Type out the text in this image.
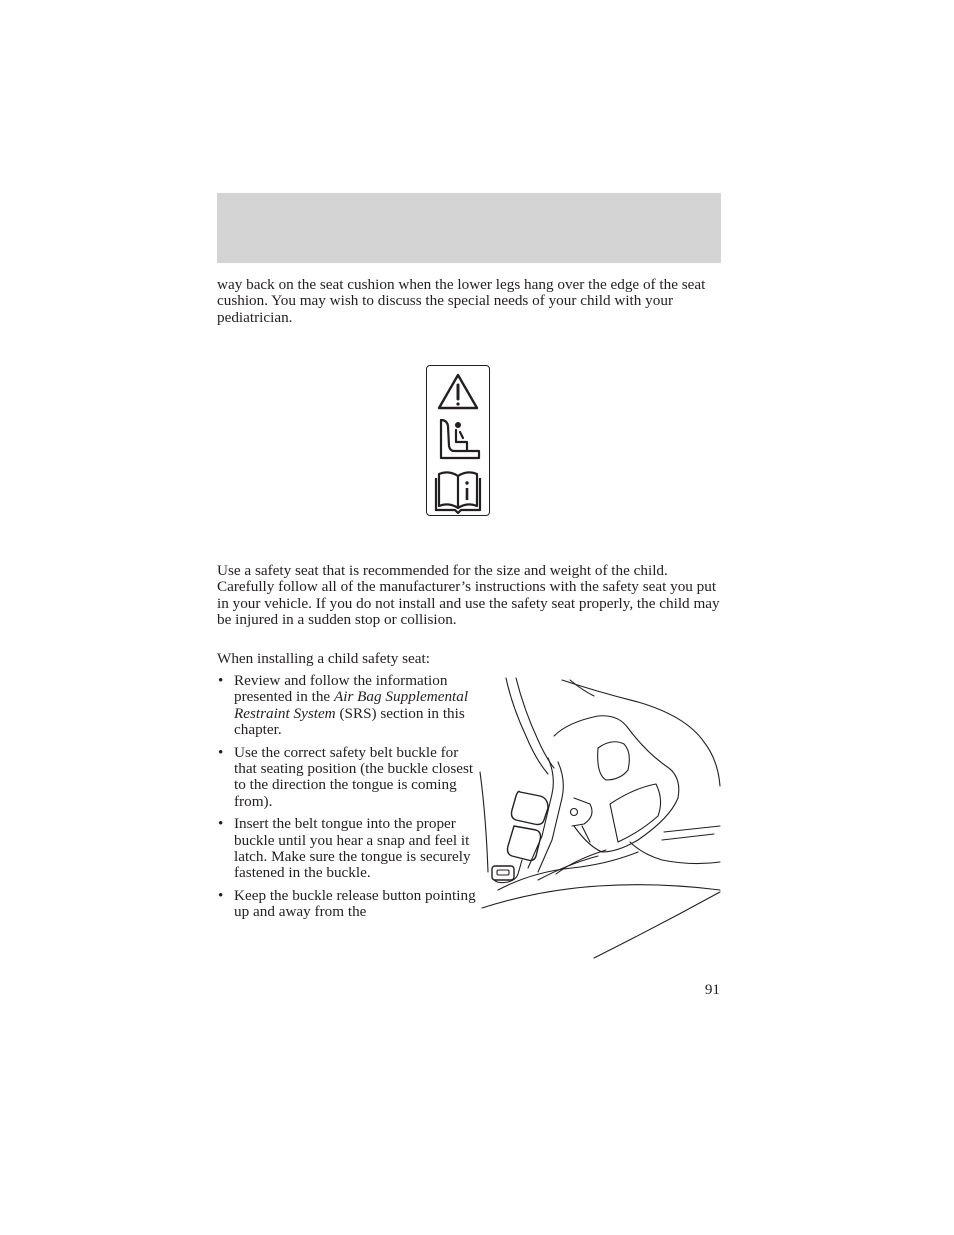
way back on the seat cushion when the lower legs hang over the edge of the seat cushion. You may wish to discuss the special needs of your child with your pediatrician.

Use a safety seat that is recommended for the size and weight of the child. Carefully follow all of the manufacturer’s instructions with the safety seat you put in your vehicle. If you do not install and use the safety seat properly, the child may be injured in a sudden stop or collision.

When installing a child safety seat:

• Review and follow the information presented in the Air Bag Supplemental Restraint System (SRS) section in this chapter.
• Use the correct safety belt buckle for that seating position (the buckle closest to the direction the tongue is coming from).
• Insert the belt tongue into the proper buckle until you hear a snap and feel it latch. Make sure the tongue is securely fastened in the buckle.
• Keep the buckle release button pointing up and away from the
91
